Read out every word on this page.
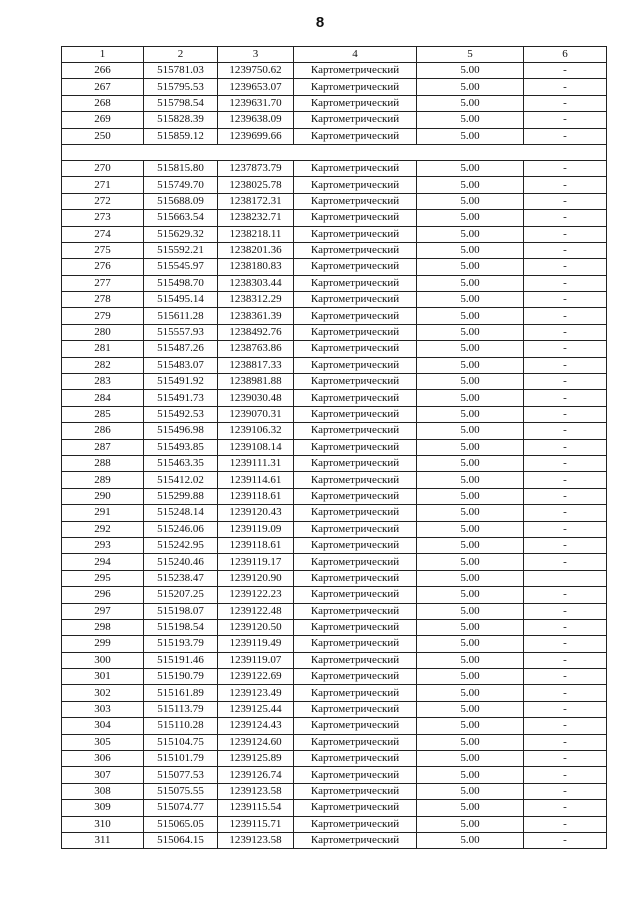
8
1	2	3	4	5	6
266	515781.03	1239750.62	Картометрический	5.00	-
267	515795.53	1239653.07	Картометрический	5.00	-
268	515798.54	1239631.70	Картометрический	5.00	-
269	515828.39	1239638.09	Картометрический	5.00	-
250	515859.12	1239699.66	Картометрический	5.00	-

270	515815.80	1237873.79	Картометрический	5.00	-
271	515749.70	1238025.78	Картометрический	5.00	-
272	515688.09	1238172.31	Картометрический	5.00	-
273	515663.54	1238232.71	Картометрический	5.00	-
274	515629.32	1238218.11	Картометрический	5.00	-
275	515592.21	1238201.36	Картометрический	5.00	-
276	515545.97	1238180.83	Картометрический	5.00	-
277	515498.70	1238303.44	Картометрический	5.00	-
278	515495.14	1238312.29	Картометрический	5.00	-
279	515611.28	1238361.39	Картометрический	5.00	-
280	515557.93	1238492.76	Картометрический	5.00	-
281	515487.26	1238763.86	Картометрический	5.00	-
282	515483.07	1238817.33	Картометрический	5.00	-
283	515491.92	1238981.88	Картометрический	5.00	-
284	515491.73	1239030.48	Картометрический	5.00	-
285	515492.53	1239070.31	Картометрический	5.00	-
286	515496.98	1239106.32	Картометрический	5.00	-
287	515493.85	1239108.14	Картометрический	5.00	-
288	515463.35	1239111.31	Картометрический	5.00	-
289	515412.02	1239114.61	Картометрический	5.00	-
290	515299.88	1239118.61	Картометрический	5.00	-
291	515248.14	1239120.43	Картометрический	5.00	-
292	515246.06	1239119.09	Картометрический	5.00	-
293	515242.95	1239118.61	Картометрический	5.00	-
294	515240.46	1239119.17	Картометрический	5.00	-
295	515238.47	1239120.90	Картометрический	5.00	
296	515207.25	1239122.23	Картометрический	5.00	-
297	515198.07	1239122.48	Картометрический	5.00	-
298	515198.54	1239120.50	Картометрический	5.00	-
299	515193.79	1239119.49	Картометрический	5.00	-
300	515191.46	1239119.07	Картометрический	5.00	-
301	515190.79	1239122.69	Картометрический	5.00	-
302	515161.89	1239123.49	Картометрический	5.00	-
303	515113.79	1239125.44	Картометрический	5.00	-
304	515110.28	1239124.43	Картометрический	5.00	-
305	515104.75	1239124.60	Картометрический	5.00	-
306	515101.79	1239125.89	Картометрический	5.00	-
307	515077.53	1239126.74	Картометрический	5.00	-
308	515075.55	1239123.58	Картометрический	5.00	-
309	515074.77	1239115.54	Картометрический	5.00	-
310	515065.05	1239115.71	Картометрический	5.00	-
311	515064.15	1239123.58	Картометрический	5.00	-
